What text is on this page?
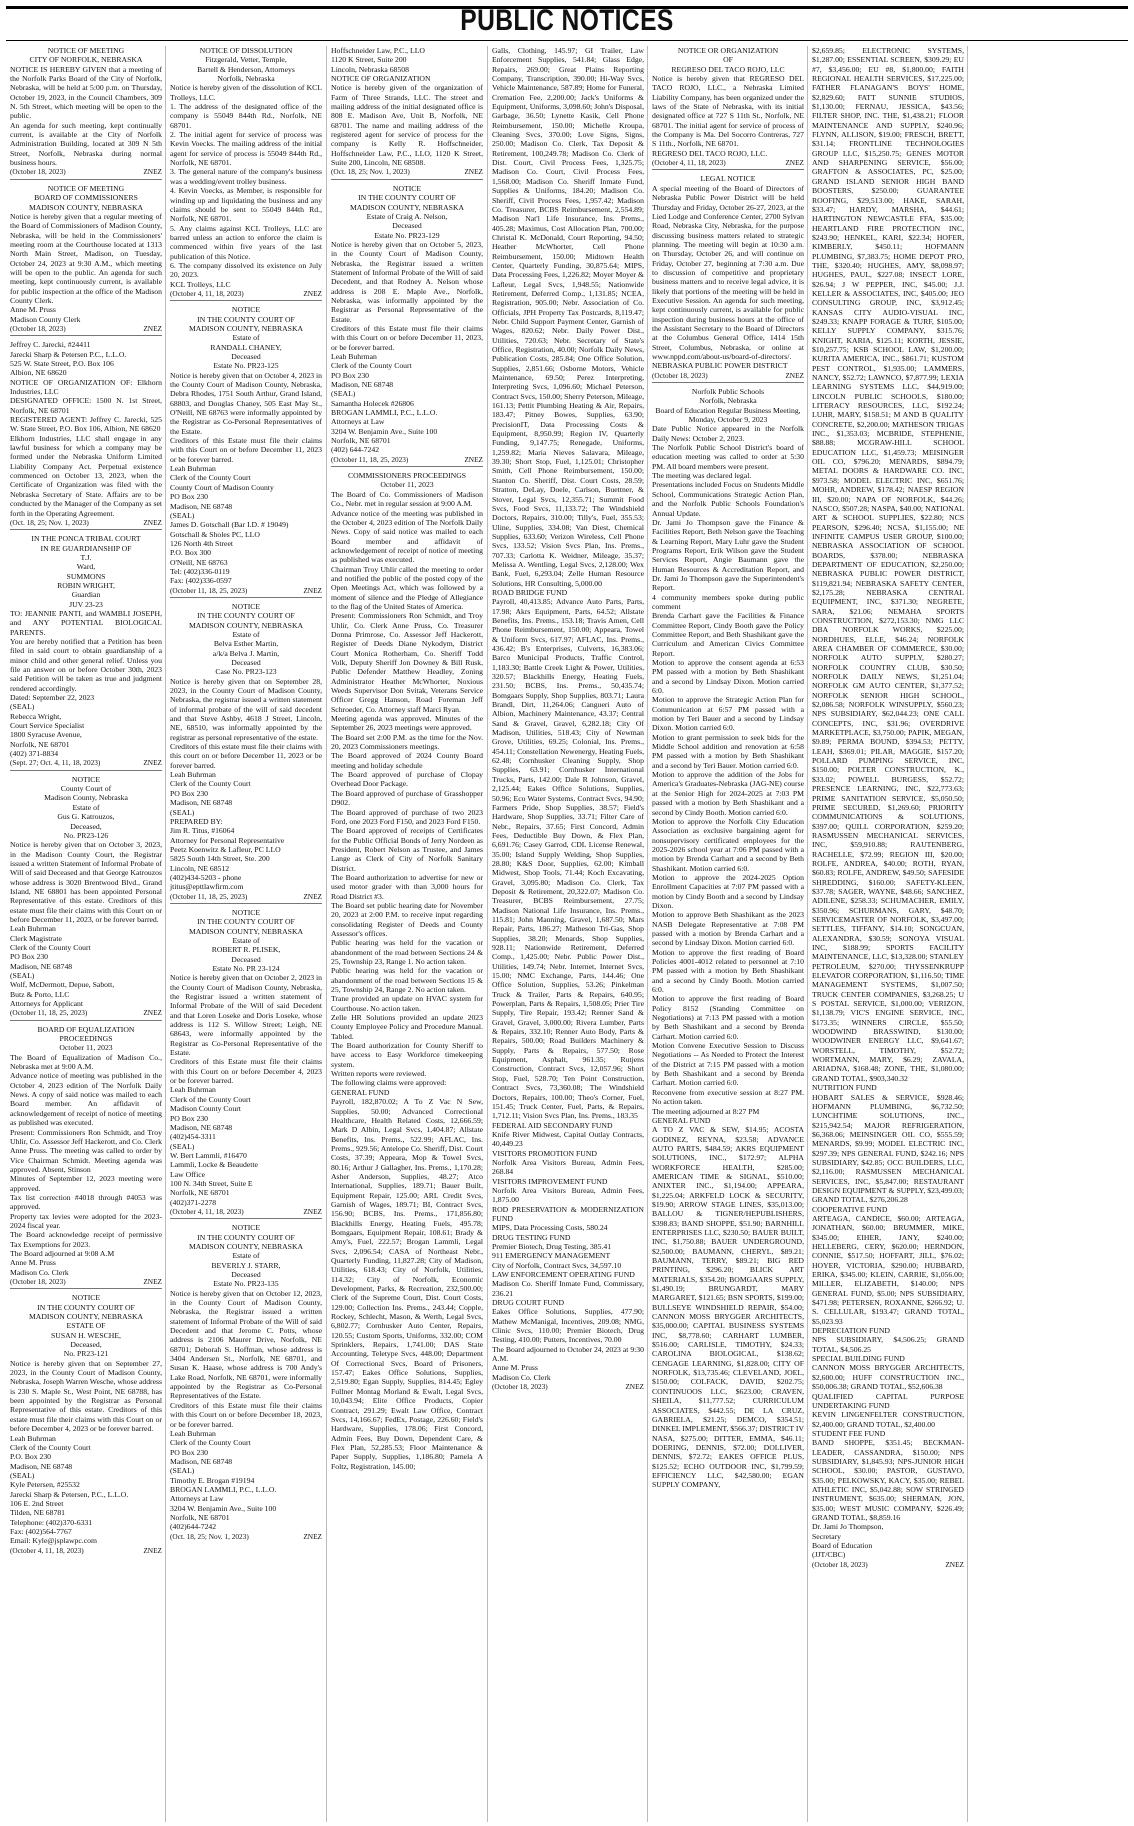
PUBLIC NOTICES
NOTICE OF MEETING
CITY OF NORFOLK, NEBRASKA
NOTICE IS HEREBY GIVEN that a meeting of the Norfolk Parks Board of the City of Norfolk, Nebraska, will be held at 5:00 p.m. on Thursday, October 19, 2023, in the Council Chambers, 309 N. 5th Street, which meeting will be open to the public.
An agenda for such meeting, kept continually current, is available at the City of Norfolk Administration Building, located at 309 N 5th Street, Norfolk, Nebraska during normal business hours.
(October 18, 2023)	ZNEZ
NOTICE OF MEETING
BOARD OF COMMISSIONERS
MADISON COUNTY, NEBRASKA
Notice is hereby given that a regular meeting of the Board of Commissioners of Madison County, Nebraska, will be held in the Commissioners' meeting room at the Courthouse located at 1313 North Main Street, Madison, on Tuesday, October 24, 2023 at 9:30 A.M., which meeting will be open to the public. An agenda for such meeting, kept continuously current, is available for public inspection at the office of the Madison County Clerk.
Anne M. Pruss
Madison County Clerk
(October 18, 2023)	ZNEZ
Jeffrey C. Jarecki, #24411
Jarecki Sharp & Petersen P.C., L.L.O.
525 W. State Street, P.O. Box 106
Albion, NE 68620
NOTICE OF ORGANIZATION OF: Elkhorn Industries, LLC
DESIGNATED OFFICE: 1500 N. 1st Street, Norfolk, NE 68701
REGISTERED AGENT: Jeffrey C. Jarecki, 525 W. State Street, P.O. Box 106, Albion, NE 68620
Elkhorn Industries, LLC shall engage in any lawful business for which a company may be formed under the Nebraska Uniform Limited Liability Company Act. Perpetual existence commenced on October 13, 2023, when the Certificate of Organization was filed with the Nebraska Secretary of State. Affairs are to be conducted by the Manager of the Company as set forth in the Operating Agreement.
(Oct. 18, 25; Nov. 1, 2023)	ZNEZ
IN THE PONCA TRIBAL COURT
IN RE GUARDIANSHIP OF
T.J.
Ward,
SUMMONS
ROBIN WRIGHT,
Guardian
JUV 23-23
TO: JEANNIE PANTI, and WAMBLI JOSEPH, and ANY POTENTIAL BIOLOGICAL PARENTS.
You are hereby notified that a Petition has been filed in said court to obtain guardianship of a minor child and other general relief. Unless you file an answer on or before October 30th, 2023 said Petition will be taken as true and judgment rendered accordingly.
Dated: September 22, 2023
(SEAL)
Rebecca Wright,
Court Service Specialist
1800 Syracuse Avenue,
Norfolk, NE 68701
(402) 371-8834
(Sept. 27; Oct. 4, 11, 18, 2023)	ZNEZ
NOTICE
County Court of
Madison County, Nebraska
Estate of
Gus G. Katrouzos,
Deceased,
No. PR23-126
Notice is hereby given that on October 3, 2023, in the Madison County Court, the Registrar issued a written Statement of Informal Probate of Will of said Deceased and that George Katrouzos whose address is 3020 Brentwood Blvd., Grand Island, NE 68801 has been appointed Personal Representative of this estate. Creditors of this estate must file their claims with this Court on or before December 11, 2023, or be forever barred.
Leah Buhrman
Clerk Magistrate
Clerk of the County Court
PO Box 230
Madison, NE 68748
(SEAL)
Wolf, McDermott, Depue, Sabott,
Butz & Porto, LLC
Attorneys for Applicant
(October 11, 18, 25, 2023)	ZNEZ
BOARD OF EQUALIZATION
PROCEEDINGS
October 11, 2023
The Board of Equalization of Madison Co., Nebraska met at 9:00 A.M.
Advance notice of meeting was published in the October 4, 2023 edition of The Norfolk Daily News. A copy of said notice was mailed to each Board member. An affidavit of acknowledgement of receipt of notice of meeting as published was executed.
Present: Commissioners Ron Schmidt, and Troy Uhlir, Co. Assessor Jeff Hackerott, and Co. Clerk Anne Pruss. The meeting was called to order by Vice Chairman Schmidt. Meeting agenda was approved. Absent, Stinson
Minutes of September 12, 2023 meeting were approved.
Tax list correction #4018 through #4053 was approved.
Property tax levies were adopted for the 2023-2024 fiscal year.
The Board acknowledge receipt of permissive Tax Exemptions for 2023.
The Board adjourned at 9:08 A.M
Anne M. Pruss
Madison Co. Clerk
(October 18, 2023)	ZNEZ
NOTICE
IN THE COUNTY COURT OF
MADISON COUNTY, NEBRASKA
ESTATE OF
SUSAN H. WESCHE,
Deceased,
No. PR23-121
Notice is hereby given that on September 27, 2023, in the County Court of Madison County, Nebraska, Joseph Warren Wesche, whose address is 230 S. Maple St., West Point, NE 68788, has been appointed by the Registrar as Personal Representative of this estate. Creditors of this estate must file their claims with this Court on or before December 4, 2023 or be forever barred.
Leah Buhrman
Clerk of the County Court
P.O. Box 230
Madison, NE 68748
(SEAL)
Kyle Petersen, #25532
Jarecki Sharp & Petersen, P.C., L.L.O.
106 E. 2nd Street
Tilden, NE 68781
Telephone: (402)370-6331
Fax: (402)564-7767
Email: Kyle@jsplawpc.com
(October 4, 11, 18, 2023)	ZNEZ
NOTICE OF DISSOLUTION
Fitzgerald, Vetter, Temple,
Bartell & Henderson, Attorneys
Norfolk, Nebraska
Notice is hereby given of the dissolution of KCL Trolleys, LLC.
1. The address of the designated office of the company is 55049 844th Rd., Norfolk, NE 68701.
2. The initial agent for service of process was Kevin Voecks. The mailing address of the initial agent for service of process is 55049 844th Rd., Norfolk, NE 68701.
3. The general nature of the company's business was a wedding/event trolley business.
4. Kevin Voecks, as Member, is responsible for winding up and liquidating the business and any claims should be sent to 55049 844th Rd., Norfolk, NE 68701.
5. Any claims against KCL Trolleys, LLC are barred unless an action to enforce the claim is commenced within five years of the last publication of this Notice.
6. The company dissolved its existence on July 20, 2023.
KCL Trolleys, LLC
(October 4, 11, 18, 2023)	ZNEZ
NOTICE
IN THE COUNTY COURT OF
MADISON COUNTY, NEBRASKA
Estate of
RANDALL CHANEY,
Deceased
Estate No. PR23-125
Notice is hereby given that on October 4, 2023 in the County Court of Madison County, Nebraska, Debra Rhodes, 1751 South Arthur, Grand Island, 68803, and Douglas Chaney, 505 East May St., O'Neill, NE 68763 were informally appointed by the Registrar as Co-Personal Representatives of the Estate.
Creditors of this Estate must file their claims with this Court on or before December 11, 2023 or be forever barred.
Leah Buhrman
Clerk of the County Court
County Court of Madison County
PO Box 230
Madison, NE 68748
(SEAL)
James D. Gotschall (Bar I.D. # 19049)
Gotschall & Sholes PC, LLO
126 North 4th Street
P.O. Box 300
O'Neill, NE 68763
Tel: (402)336-0119
Fax: (402)336-0597
(October 11, 18, 25, 2023)	ZNEZ
NOTICE
IN THE COUNTY COURT OF
MADISON COUNTY, NEBRASKA
Estate of
Belva Esther Martin,
a/k/a Belva J. Martin,
Deceased
Case No. PR23-123
Notice is hereby given that on September 28, 2023, in the County Court of Madison County, Nebraska, the registrar issued a written statement of informal probate of the will of said decedent and that Steve Ashby, 4618 J Street, Lincoln, NE, 68510, was informally appointed by the registrar as personal representative of the estate.
Creditors of this estate must file their claims with this court on or before December 11, 2023 or be forever barred.
Leah Buhrman
Clerk of the County Court
PO Box 230
Madison, NE 68748
(SEAL)
PREPARED BY:
Jim R. Titus, #16064
Attorney for Personal Representative
Peetz Koenwitz & Lafleur, PC LLO
5825 South 14th Street, Ste. 200
Lincoln, NE 68512
(402)434-5203 - phone
jtitus@epttlawfirm.com
(October 11, 18, 25, 2023)	ZNEZ
NOTICE
IN THE COUNTY COURT OF
MADISON COUNTY, NEBRASKA
Estate of
ROBERT R. PLISEK,
Deceased
Estate No. PR 23-124
Notice is hereby given that on October 2, 2023 in the County Court of Madison County, Nebraska, the Registrar issued a written statement of Informal Probate of the Will of said Decedent and that Loren Loseke and Doris Loseke, whose address is 112 S. Willow Street; Leigh, NE 68643, were informally appointed by the Registrar as Co-Personal Representative of the Estate.
Creditors of this Estate must file their claims with this Court on or before December 4, 2023 or be forever barred.
Leah Buhrman
Clerk of the County Court
Madison County Court
PO Box 230
Madison, NE 68748
(402)454-3311
(SEAL)
W. Bert Lammli, #16470
Lammli, Locke & Beaudette
Law Office
100 N. 34th Street, Suite E
Norfolk, NE 68701
(402)371-2278
(October 4, 11, 18, 2023)	ZNEZ
NOTICE
IN THE COUNTY COURT OF
MADISON COUNTY, NEBRASKA
Estate of
BEVERLY J. STARR,
Deceased
Estate No. PR23-135
Notice is hereby given that on October 12, 2023, in the County Court of Madison County, Nebraska, the Registrar issued a written statement of Informal Probate of the Will of said Decedent and that Jerome C. Potts, whose address is 2106 Maurer Drive, Norfolk, NE 68701; Deborah S. Hoffman, whose address is 3404 Andersen St., Norfolk, NE 68701, and Susan K. Haase, whose address is 700 Andy's Lake Road, Norfolk, NE 68701, were informally appointed by the Registrar as Co-Personal Representatives of the Estate.
Creditors of this Estate must file their claims with this Court on or before December 18, 2023, or be forever barred.
Leah Buhrman
Clerk of the County Court
PO Box 230
Madison, NE 68748
(SEAL)
Timothy E. Brogan #19194
BROGAN LAMMLI, P.C., L.L.O.
Attorneys at Law
3204 W. Benjamin Ave., Suite 100
Norfolk, NE 68701
(402)644-7242
(Oct. 18, 25; Nov. 1, 2023)	ZNEZ
Hoffschneider Law, P.C., LLO
1120 K Street, Suite 200
Lincoln, Nebraska 68508
NOTICE OF ORGANIZATION
Notice is hereby given of the organization of Farm of Three Strands, LLC. The street and mailing address of the initial designated office is 808 E. Madison Ave, Unit B, Norfolk, NE 68701. The name and mailing address of the registered agent for service of process for the company is Kelly R. Hoffschneider, Hoffschneider Law, P.C., LLO, 1120 K Street, Suite 200, Lincoln, NE 68508.
(Oct. 18, 25; Nov. 1, 2023)	ZNEZ
NOTICE
IN THE COUNTY COURT OF
MADISON COUNTY, NEBRASKA
Estate of Craig A. Nelson,
Deceased
Estate No. PR23-129
Notice is hereby given that on October 5, 2023, in the County Court of Madison County, Nebraska, the Registrar issued a written Statement of Informal Probate of the Will of said Decedent, and that Rodney A. Nelson whose address is 208 E. Maple Ave., Norfolk, Nebraska, was informally appointed by the Registrar as Personal Representative of the Estate.
Creditors of this Estate must file their claims with this Court on or before December 11, 2023, or be forever barred.
Leah Buhrman
Clerk of the County Court
PO Box 230
Madison, NE 68748
(SEAL)
Samantha Holecek #26806
BROGAN LAMMLI, P.C., L.L.O.
Attorneys at Law
3204 W. Benjamin Ave., Suite 100
Norfolk, NE 68701
(402) 644-7242
(October 11, 18, 25, 2023)	ZNEZ
COMMISSIONERS PROCEEDINGS
October 11, 2023
The Board of Co. Commissioners of Madison Co., Nebr. met in regular session at 9:00 A.M.
Advance notice of the meeting was published in the October 4, 2023 edition of The Norfolk Daily News. Copy of said notice was mailed to each Board member and affidavit of acknowledgement of receipt of notice of meeting as published was executed.
Chairman Troy Uhlir called the meeting to order and notified the public of the posted copy of the Open Meetings Act, which was followed by a moment of silence and the Pledge of Allegiance to the flag of the United States of America.
Present: Commissioners Ron Schmidt, and Troy Uhlir, Co. Clerk Anne Pruss, Co. Treasurer Donna Primrose, Co. Assessor Jeff Hackerott, Register of Deeds Diane Nykodym, District Court Monica Rotherham, Co. Sheriff Todd Volk, Deputy Sheriff Jon Downey & Bill Rusk, Public Defender Matthew Headley, Zoning Administrator Heather McWhorter, Noxious Weeds Supervisor Don Svitak, Veterans Service Officer Gregg Hanson, Road Foreman Jeff Schroeder, Co. Attorney staff Marci Ryan.
Meeting agenda was approved. Minutes of the September 26, 2023 meetings were approved.
The Board set 2:00 P.M. as the time for the Nov. 20, 2023 Commissioners meetings.
The Board approved of 2024 County Board meeting and holiday schedule
The Board approved of purchase of Clopay Overhead Door Package.
The Board approved of purchase of Grasshopper D902.
The Board approved of purchase of two 2023 Ford, one 2023 Ford F150, and 2023 Ford F150.
The Board approved of receipts of Certificates for the Public Official Bonds of Jerry Nordeen as President, Robert Nelson as Trustee, and James Lange as Clerk of City of Norfolk Sanitary District.
The Board authorization to advertise for new or used motor grader with than 3,000 hours for Road District #3.
The Board set public hearing date for November 20, 2023 at 2:00 P.M. to receive input regarding consolidating Register of Deeds and County Assessor's offices.
Public hearing was held for the vacation or abandonment of the road between Sections 24 & 25, Township 23, Range 1. No action taken.
Public hearing was held for the vacation or abandonment of the road between Sections 15 & 25, Township 24, Range 2. No action taken.
Trane provided an update on HVAC system for Courthouse. No action taken.
Zelle HR Solutions provided an update 2023 County Employee Policy and Procedure Manual. Tabled.
The Board authorization for County Sheriff to have access to Easy Workforce timekeeping system.
Written reports were reviewed.
The following claims were approved:
GENERAL FUND
Payroll, 182,870.02; A To Z Vac N Sew, Supplies, 50.00; Advanced Correctional Healthcare, Health Related Costs, 12,666.59; Mark D Albin, Legal Svcs, 1,404.87; Allstate Benefits, Ins. Prems., 522.99; AFLAC, Ins. Prems., 929.56; Antelope Co. Sheriff, Dist. Court Costs, 37.39; Appeara, Mop & Towel Svcs, 80.16; Arthur J Gallagher, Ins. Prems., 1,170.28; Asher Anderson, Supplies, 48.27; Atco International, Supplies, 189.71; Bauer Built, Equipment Repair, 125.00; ARL Credit Svcs, Garnish of Wages, 189.71; BI, Contract Svcs, 156.90; BCBS, Ins. Prems., 171,856.80; Blackhills Energy, Heating Fuels, 495.78; Bomgaars, Equipment Repair, 108.61; Brady & Amy's, Fuel, 222.57; Brogan Lammli, Legal Svcs, 2,096.54; CASA of Northeast Nebr., Quarterly Funding, 11,827.28; City of Madison, Utilities, 618.43; City of Norfolk, Utilities, 114.32; City of Norfolk, Economic Development, Parks, & Recreation, 232,500.00; Clerk of the Supreme Court, Dist. Court Costs, 129.00; Collection Ins. Prems., 243.44; Copple, Rockey, Schlecht, Mason, & Werth, Legal Svcs, 6,802.77; Cornhusker Auto Center, Repairs, 120.55; Custom Sports, Uniforms, 332.00; COM Sprinklers, Repairs, 1,741.00; DAS State Accounting, Teletype Svcs, 448.00; Department Of Correctional Svcs, Board of Prisoners, 157.47; Eakes Office Solutions, Supplies, 2,519.80; Egan Supply, Supplies, 814.45; Egley Fullner Montag Morland & Ewalt, Legal Svcs, 10,043.94; Elite Office Products, Copier Contract, 291.29; Ewalt Law Office, Contract Svcs, 14,166.67; FedEx, Postage, 226.60; Field's Hardware, Supplies, 178.06; First Concord, Admin Fees, Buy Down, Dependent Care, & Flex Plan, 52,285.53; Floor Maintenance & Paper Supply, Supplies, 1,186.80; Pamela A Foltz, Registration, 145.00;
Galls, Clothing, 145.97; GI Trailer, Law Enforcement Supplies, 541.84; Glass Edge, Repairs, 269.00; Great Plains Reporting Company, Transcription, 390.00; Hi-Way Svcs, Vehicle Maintenance, 587.89; Home for Funeral, Cremation Fee, 2,200.00; Jack's Uniforms & Equipment, Uniforms, 3,098.60; John's Disposal, Garbage, 36.50; Lynette Kasik, Cell Phone Reimbursement, 150.00; Michelle Kroupa, Cleaning Svcs, 370.00; Love Signs, Signs, 250.00; Madison Co. Clerk, Tax Deposit & Retirement, 100,249.78; Madison Co. Clerk of Dist. Court, Civil Process Fees, 1,325.75; Madison Co. Court, Civil Process Fees, 1,568.00; Madison Co. Sheriff Inmate Fund, Supplies & Uniforms, 184.20; Madison Co. Sheriff, Civil Process Fees, 1,957.42; Madison Co. Treasurer, BCBS Reimbursement, 2,554.89; Madison Nat'l Life Insurance, Ins. Prems., 405.28; Maximus, Cost Allocation Plan, 700.00; Christal K. McDonald, Court Reporting, 94.50; Heather McWhorter, Cell Phone Reimbursement, 150.00; Midtown Health Center, Quarterly Funding, 30,875.64; MIPS, Data Processing Fees, 1,226.82; Moyer Moyer & Lafleur, Legal Svcs, 1,948.55; Nationwide Retirement, Deferred Comp., 1,131.85; NCEA, Registration, 905.00; Nebr. Association of Co. Officials, JPH Property Tax Postcards, 8,119.47; Nebr. Child Support Payment Center, Garnish of Wages, 820.62; Nebr. Daily Power Dist., Utilities, 720.63; Nebr. Secretary of State's Office, Registration, 40.00; Norfolk Daily News, Publication Costs, 285.84; One Office Solution, Supplies, 2,851.66; Osborne Motors, Vehicle Maintenance, 69.50; Perez Interpreting, Interpreting Svcs, 1,096.60; Michael Peterson, Contract Svcs, 150.00; Sherry Peterson, Mileage, 161.13; Pettit Plumbing Heating & Air, Repairs, 183.47; Pitney Bowes, Supplies, 63.90; PrecisionIT, Data Processing Costs & Equipment, 8,950.99; Region IV, Quarterly Funding, 9,147.75; Renegade, Uniforms, 1,259.82; Maria Nieves Salavara, Mileage, 39.30; Short Stop, Fuel, 1,125.01; Christopher Smith, Cell Phone Reimbursement, 150.00; Stanton Co. Sheriff, Dist. Court Costs, 28.59; Stratton, DeLay, Doele, Carlson, Buettner, & Stover, Legal Svcs, 12,355.71; Summit Food Svcs, Food Svcs, 11,133.72; The Windshield Doctors, Repairs, 310.00; Tilly's, Fuel, 355.53; Uline, Supplies, 334.08; Van Diest, Chemical Supplies, 633.60; Verizon Wireless, Cell Phone Svcs, 133.52; Vision Svcs Plan, Ins. Prems., 707.33; Carlotta K. Weidner, Mileage, 35.37; Melissa A. Wentling, Legal Svcs, 2,128.00; Wex Bank, Fuel, 6,293.04; Zelle Human Resource Solutions, HR Consulting, 5,000.00
ROAD BRIDGE FUND
Payroll, 40,413.85; Advance Auto Parts, Parts, 17.98; Akrs Equipment, Parts, 64.52; Allstate Benefits, Ins. Prems., 153.18; Travis Amen, Cell Phone Reimbursement, 150.00; Appeara, Towel & Uniform Svcs, 617.97; AFLAC, Ins. Prems., 436.42; B's Enterprises, Culverts, 16,383.06; Barco Municipal Products, Traffic Control, 1,183.30; Battle Creek Light & Power, Utilities, 320.57; Blackhills Energy, Heating Fuels, 231.50; BCBS, Ins. Prems., 50,435.74; Bomgaars Supply, Shop Supplies, 803.71; Laura Brandl, Dirt, 11,264.06; Cangueri Auto of Albion, Machinery Maintenance, 43.37; Central Sand & Gravel, Gravel, 6,282.18; City Of Madison, Utilities, 518.43; City of Newman Grove, Utilities, 69.25; Colonial, Ins. Prems., 454.11; Constellation Newenergy, Heating Fuels, 62.48; Cornhusker Cleaning Supply, Shop Supplies, 63.91; Cornhusker International Trucks, Parts, 142.00; Dale R Johnson, Gravel, 2,125.44; Eakes Office Solutions, Supplies, 50.96; Eco Water Systems, Contract Svcs, 94.90; Farmers Pride, Shop Supplies, 38.57; Field's Hardware, Shop Supplies, 33.71; Filter Care of Nebr., Repairs, 37.65; First Concord, Admin Fees, Deductible Buy Down, & Flex Plan, 6,691.76; Casey Garrod, CDL License Renewal, 35.00; Island Supply Welding, Shop Supplies, 28.80; K&S Door, Supplies, 62.00; Kimball Midwest, Shop Tools, 71.44; Koch Excavating, Gravel, 3,095.80; Madison Co. Clerk, Tax Deposit & Retirement, 20,322.07; Madison Co. Treasurer, BCBS Reimbursement, 27.75; Madison National Life Insurance, Ins. Prems., 115.81; John Manning, Gravel, 1,687.50; Mars Repair, Parts, 186.27; Matheson Tri-Gas, Shop Supplies, 38.20; Menards, Shop Supplies, 928.11; Nationwide Retirement, Deferred Comp., 1,425.00; Nebr. Public Power Dist., Utilities, 149.74; Nebr. Internet, Internet Svcs, 15.00; NMC Exchange, Parts, 144.46; One Office Solution, Supplies, 53.26; Pinkelman Truck & Trailer, Parts & Repairs, 640.95; Powerplan, Parts & Repairs, 1,508.05; Prier Tire Supply, Tire Repair, 193.42; Renner Sand & Gravel, Gravel, 3,000.00; Rivera Lumber, Parts & Repairs, 332.10; Renner Auto Body, Parts & Repairs, 500.00; Road Builders Machinery & Supply, Parts & Repairs, 577.50; Rose Equipment, Asphalt, 961.35; Rutjens Construction, Contract Svcs, 12,057.96; Short Stop, Fuel, 528.70; Ten Point Construction, Contract Svcs, 73,360.08; The Windshield Doctors, Repairs, 100.00; Theo's Corner, Fuel, 151.45; Truck Center, Fuel, Parts, & Repairs, 1,712.11; Vision Svcs Plan, Ins. Prems., 183.35
FEDERAL AID SECONDARY FUND
Knife River Midwest, Capital Outlay Contracts, 40,449.23
VISITORS PROMOTION FUND
Norfolk Area Visitors Bureau, Admin Fees, 268.84
VISITORS IMPROVEMENT FUND
Norfolk Area Visitors Bureau, Admin Fees, 1,875.00
ROD PRESERVATION & MODERNIZATION FUND
MIPS, Data Processing Costs, 580.24
DRUG TESTING FUND
Premier Biotech, Drug Testing, 385.41
911 EMERGENCY MANAGEMENT
City of Norfolk, Contract Svcs, 34,597.10
LAW ENFORCEMENT OPERATING FUND
Madison Co. Sheriff Inmate Fund, Commissary, 236.21
DRUG COURT FUND
Eakes Office Solutions, Supplies, 477.90; Mathew McManigal, Incentives, 209.08; NMG, Clinic Svcs, 110.00; Premier Biotech, Drug Testing, 410.00; Putters, Incentives, 70.00
The Board adjourned to October 24, 2023 at 9:30 A.M.
Anne M. Pruss
Madison Co. Clerk
(October 18, 2023)	ZNEZ
NOTICE OR ORGANIZATION
OF
REGRESO DEL TACO ROJO, LLC
Notice is hereby given that REGRESO DEL TACO ROJO, LLC., a Nebraska Limited Liability Company, has been organized under the laws of the State of Nebraska, with its initial designated office at 727 S 11th St., Norfolk, NE 68701. The initial agent for service of process of the Company is Ma. Del Socorro Contreras, 727 S 11th., Norfolk, NE 68701.
REGRESO DEL TACO ROJO, LLC.
(October 4, 11, 18, 2023)	ZNEZ
LEGAL NOTICE
A special meeting of the Board of Directors of Nebraska Public Power District will be held Thursday and Friday, October 26-27, 2023, at the Lied Lodge and Conference Center, 2700 Sylvan Road, Nebraska City, Nebraska, for the purpose discussing business matters related to strategic planning. The meeting will begin at 10:30 a.m. on Thursday, October 26, and will continue on Friday, October 27, beginning at 7:30 a.m. Due to discussion of competitive and proprietary business matters and to receive legal advice, it is likely that portions of the meeting will be held in Executive Session. An agenda for such meeting, kept continuously current, is available for public inspection during business hours at the office of the Assistant Secretary to the Board of Directors at the Columbus General Office, 1414 15th Street, Columbus, Nebraska, or online at www.nppd.com/about-us/board-of-directors/.
NEBRASKA PUBLIC POWER DISTRICT
(October 18, 2023)	ZNEZ
Norfolk Public Schools
Norfolk, Nebraska
Board of Education Regular Business Meeting, Monday, October 9, 2023
Date Public Notice appeared in the Norfolk Daily News: October 2, 2023.
The Norfolk Public School District's board of education meeting was called to order at 5:30 PM. All board members were present.
The meeting was declared legal.
Presentations included Focus on Students Middle School, Communications Strategic Action Plan, and the Norfolk Public Schools Foundation's Annual Update.
Dr. Jami Jo Thompson gave the Finance & Facilities Report, Beth Nelson gave the Teaching & Learning Report, Mary Luhr gave the Student Programs Report, Erik Wilson gave the Student Services Report, Angie Baumann gave the Human Resources & Accreditation Report, and Dr. Jami Jo Thompson gave the Superintendent's Report.
4 community members spoke during public comment
Brenda Carhart gave the Facilities & Finance Committee Report, Cindy Booth gave the Policy Committee Report, and Beth Shashikant gave the Curriculum and American Civics Committee Report.
Motion to approve the consent agenda at 6:53 PM passed with a motion by Beth Shashikant and a second by Lindsay Dixon. Motion carried 6:0.
Motion to approve the Strategic Action Plan for Communication at 6:57 PM passed with a motion by Teri Bauer and a second by Lindsay Dixon. Motion carried 6:0.
Motion to grant permission to seek bids for the Middle School addition and renovation at 6:58 PM passed with a motion by Beth Shashikant and a second by Teri Bauer. Motion carried 6:0.
Motion to approve the addition of the Jobs for America's Graduates-Nebraska (JAG-NE) course at the Senior High for 2024-2025 at 7:03 PM passed with a motion by Beth Shashikant and a second by Cindy Booth. Motion carried 6:0.
Motion to approve the Norfolk City Education Association as exclusive bargaining agent for nonsupervisory certificated employees for the 2025-2026 school year at 7:06 PM passed with a motion by Brenda Carhart and a second by Beth Shashikant. Motion carried 6:0.
Motion to approve the 2024-2025 Option Enrollment Capacities at 7:07 PM passed with a motion by Cindy Booth and a second by Lindsay Dixon.
Motion to approve Beth Shashikant as the 2023 NASB Delegate Representative at 7:08 PM passed with a motion by Brenda Carhart and a second by Lindsay Dixon. Motion carried 6:0.
Motion to approve the first reading of Board Policies 4001-4012 related to personnel at 7:10 PM passed with a motion by Beth Shashikant and a second by Cindy Booth. Motion carried 6:0.
Motion to approve the first reading of Board Policy 8152 (Standing Committee on Negotiations) at 7:13 PM passed with a motion by Beth Shashikant and a second by Brenda Carhart. Motion carried 6:0.
Motion Convene Executive Session to Discuss Negotiations -- As Needed to Protect the Interest of the District at 7:15 PM passed with a motion by Beth Shashikant and a second by Brenda Carhart. Motion carried 6:0.
Reconvene from executive session at 8:27 PM. No action taken.
The meeting adjourned at 8:27 PM
GENERAL FUND
A TO Z VAC & SEW, $14.95; ACOSTA GODINEZ, REYNA, $23.58; ADVANCE AUTO PARTS, $484.59; AKRS EQUIPMENT SOLUTIONS, INC., $172.97; ALPHA WORKFORCE HEALTH, $285.00; AMERICAN TIME & SIGNAL, $510.00; ANIXTER INC., $1,194.00; APPEARA, $1,225.04; ARKFELD LOCK & SECURITY, $19.90; ARROW STAGE LINES, $35,013.00; BALLOU & TIGNER/HEPUBLISHERS, $398.83; BAND SHOPPE, $51.90; BARNHILL ENTERPRISES LLC, $230.50; BAUER BUILT, INC, $1,750.88; BAUER UNDERGROUND, $2,500.00; BAUMANN, CHERYL, $89.21; BAUMANN, TERRY, $89.21; BIG RED PRINTING, $296.20; BLICK ART MATERIALS, $354.20; BOMGAARS SUPPLY, $1,490.19; BRUNGARDT, MARY MARGARET, $121.65; BSN SPORTS, $199.00; BULLSEYE WINDSHIELD REPAIR, $54.00; CANNON MOSS BRYGGER ARCHITECTS, $35,000.00; CAPITAL BUSINESS SYSTEMS INC, $8,778.60; CARHART LUMBER, $516.00; CARLISLE, TIMOTHY, $24.33; CAROLINA BIOLOGICAL, $138.62; CENGAGE LEARNING, $1,828.00; CITY OF NORFOLK, $13,735.46; CLEVELAND, JOEL, $150.00; COLFACK, DAVID, $202.75; CONTINUOOS LLC, $623.00; CRAVEN, SHEILA, $11,777.52; CURRICULUM ASSOCIATES, $442.55; DE LA CRUZ, GABRIELA, $21.25; DEMCO, $354.51; DINKEL IMPLEMENT, $566.37; DISTRICT IV NASA, $275.00; DITTER, EMMA, $46.11; DOERING, DENNIS, $72.00; DOLLIVER, DENNIS, $72.72; EAKES OFFICE PLUS, $125.52; ECHO OUTDOOR INC, $1,799.59; EFFICIENCY LLC, $42,580.00; EGAN SUPPLY COMPANY,
$2,659.85; ELECTRONIC SYSTEMS, $1,287.00; ESSENTIAL SCREEN, $309.29; EU #7, $3,456.00; EU #8, $1,800.00; FAITH REGIONAL HEALTH SERVICES, $17,225.00; FATHER FLANAGAN'S BOYS' HOME, $2,829.60; FATT SUNNIE STUDIOS, $1,130.00; FERNAU, JESSICA, $43.56; FILTER SHOP, INC. THE, $1,438.21; FLOOR MAINTENANCE AND SUPPLY, $240.96; FLYNN, ALLISON, $19.00; FRESCH, BRETT, $31.14; FRONTLINE TECHNOLOGIES GROUP LLC, $15,250.75; GENES MOTOR AND SHARPENING SERVICE, $56.00; GRAFTON & ASSOCIATES, PC, $25.00; GRAND ISLAND SENIOR HIGH BAND BOOSTERS, $250.00; GUARANTEE ROOFING, $29,513.00; HAKE, SARAH, $33.47; HARDY, MARSHA, $44.61; HARTINGTON NEWCASTLE FFA, $35.00; HEARTLAND FIRE PROTECTION INC, $243.90; HENKEL, KARI, $22.34; HOFER, KIMBERLY, $450.11; HOFMANN PLUMBING, $7,383.75; HOME DEPOT PRO, THE, $320.40; HUGHES, AMY, $8,098.97; HUGHES, PAUL, $227.08; INSECT LORE, $26.94; J W PEPPER, INC, $45.00; J.J. KELLER & ASSOCIATES, INC, $405.00; JEO CONSULTING GROUP, INC, $3,912.45; KANSAS CITY AUDIO-VISUAL INC, $249.33; KNAPP FORAGE & TURF, $105.00; KELLY SUPPLY COMPANY, $315.76; KNIGHT, KARIA, $125.11; KORTH, JESSIE, $10,257.75; KSB SCHOOL LAW, $1,200.00; KURITA AMERICA, INC., $861.71; KUSTOM PEST CONTROL, $1,935.00; LAMMERS, NANCY, $52.72; LAWNCO, $7,877.99; LEXIA LEARNING SYSTEMS LLC, $44,919.00; LINCOLN PUBLIC SCHOOLS, $180.00; LITERACY RESOURCES, LLC, $192.24; LUHR, MARY, $158.51; M AND B QUALITY CONCRETE, $2,200.00; MATHESON TRIGAS INC., $1,353.03; MCBRIDE, STEPHENIE, $88.88; MCGRAW-HILL SCHOOL EDUCATION LLC, $1,459.73; MEISINGER OIL CO, $796.20; MENARDS, $894.79; METAL DOORS & HARDWARE CO. INC, $973.58; MODEL ELECTRIC INC, $651.76; MOHR, ANDREW, $178.42; NAESP REGION III, $20.00; NAPA OF NORFOLK, $44.26; NASCO, $507.28; NASPA, $40.00; NATIONAL ART & SCHOOL SUPPLIES, $22.80; NCS PEARSON, $296.40; NCSA, $1,155.00; NE INFINITE CAMPUS USER GROUP, $100.00; NEBRASKA ASSOCIATION OF SCHOOL BOARDS, $378.00; NEBRASKA DEPARTMENT OF EDUCATION, $2,250.00; NEBRASKA PUBLIC POWER DISTRICT, $119,821.94; NEBRASKA SAFETY CENTER, $2,175.28; NEBRASKA CENTRAL EQUIPMENT, INC, $371.30; NEGRETE, SARA, $21.06; NEMAHA SPORTS CONSTRUCTION, $272,153.30; NMG LLC DBA NORFOLK WORKS, $225.00; NORDHUES, ELLE, $46.24; NORFOLK AREA CHAMBER OF COMMERCE, $30.00; NORFOLK AUTO SUPPLY, $280.27; NORFOLK COUNTRY CLUB, $30.50; NORFOLK DAILY NEWS, $1,251.04; NORFOLK GM AUTO CENTER, $1,377.52; NORFOLK SENIOR HIGH SCHOOL, $2,086.58; NORFOLK WINSUPPLY, $560.23; NPS SUBSIDIARY, $62,044.23; ONE CALL CONCEPTS, INC, $31.96; OVERDRIVE MARKETPLACE, $3,750.00; PAPIK, MEGAN, $9.89; PERMA BOUND, $394.53; PETTY, LEAH, $369.01; PILAR, MAGGIE, $157.20; POLLARD PUMPING SERVICE, INC, $150.00; POLTER CONSTRUCTION, K., $33.02; POWELL BURGESS, $52.72; PRESENCE LEARNING, INC, $22,773.63; PRIME SANITATION SERVICE, $5,050.50; PRIME SECURED, $1,269.60; PRIORITY COMMUNICATIONS & SOLUTIONS, $397.00; QUILL CORPORATION, $259.20; RASMUSSEN MECHANICAL SERVICES, INC, $59,910.88; RAUTENBERG, RACHELLE, $72.99; REGION III, $20.00; ROLFE, ANDREA, $40.00; ROTH, RYAN, $60.83; ROLFE, ANDREW, $49.50; SAFESIDE SHREDDING, $160.00; SAFETY-KLEEN, $37.78; SAGER, WAYNE, $48.66; SANCHEZ, ADILENE, $258.33; SCHUMACHER, EMILY, $350.96; SCHURMANS, GARY, $48.70; SERVICEMASTER OF NORFOLK, $3,497.00; SETTLES, TIFFANY, $14.10; SONGCUAN, ALEXANDRA, $30.59; SONOYA VISUAL INC, $188.99; SPORTS FACILITY MAINTENANCE, LLC, $13,328.00; STANLEY PETROLEUM, $270.00; THYSSENKRUPP ELEVATOR CORPORATION, $1,116.50; TIME MANAGEMENT SYSTEMS, $1,007.50; TRUCK CENTER COMPANIES, $3,268.25; U S POSTAL SERVICE, $1,000.00; VERIZON, $1,138.79; VIC'S ENGINE SERVICE, INC, $173.35; WINNERS CIRCLE, $55.50; WOODWIND BRASSWIND, $130.00; WOODWINER ENERGY LLC, $9,641.67; WORSTELL, TIMOTHY, $52.72; WORTMANN, MARY, $6.29; ZAVALA, ARIADNA, $168.48; ZONE, THE, $1,080.00; GRAND TOTAL, $903,340.32
NUTRITION FUND
HOBART SALES & SERVICE, $928.46; HOFMANN PLUMBING, $6,732.50; LUNCHTIME SOLUTIONS, INC., $215,942.54; MAJOR REFRIGERATION, $6,368.06; MEINSINGER OIL CO, $555.59; MENARDS, $9.99; MODEL ELECTRIC INC, $297.39; NPS GENERAL FUND, $242.16; NPS SUBSIDIARY, $42.85; OCC BUILDERS, LLC, $2,116.00; RASMUSSEN MECHANICAL SERVICES, INC, $5,847.00; RESTAURANT DESIGN EQUIPMENT & SUPPLY, $23,499.03; GRAND TOTAL, $276,206.28
COOPERATIVE FUND
ARTEAGA, CANDICE, $60.00; ARTEAGA, JONATHAN, $60.00; BRUMMER, MIKE, $345.00; EIHER, JANY, $240.00; HELLEBERG, CERY, $620.00; HERNDON, CONNIE, $517.50; HOFFART, JILL, $76.02; HOYER, VICTORIA, $290.00; HUBBARD, ERIKA, $345.00; KLEIN, CARRIE, $1,056.00; MILLER, ELIZABETH, $140.00; NPS GENERAL FUND, $5.00; NPS SUBSIDIARY, $471.98; PETERSEN, ROXANNE, $266.92; U. S. CELLULAR, $193.47; GRAND TOTAL, $5,023.93
DEPRECIATION FUND
NPS SUBSIDIARY, $4,506.25; GRAND TOTAL, $4,506.25
SPECIAL BUILDING FUND
CANNON MOSS BRYGGER ARCHITECTS, $2,600.00; HUFF CONSTRUCTION INC., $50,006.38; GRAND TOTAL, $52,606.38
QUALIFIED CAPITAL PURPOSE UNDERTAKING FUND
KEVIN LINGENFELTER CONSTRUCTION, $2,400.00; GRAND TOTAL, $2,400.00
STUDENT FEE FUND
BAND SHOPPE, $351.45; BECKMAN-LEADER, CASSANDRA, $150.00; NPS SUBSIDIARY, $1,845.93; NPS-JUNIOR HIGH SCHOOL, $30.00; PASTOR, GUSTAVO, $35.00; PELKOWSKY, KACY, $35.00; REBEL ATHLETIC INC, $5,042.88; SOW STRINGED INSTRUMENT, $635.00; SHERMAN, JON, $35.00; WEST MUSIC COMPANY, $226.49; GRAND TOTAL, $8,859.16
Dr. Jami Jo Thompson,
Secretary
Board of Education
(JJT/CBC)
(October 18, 2023)	ZNEZ
